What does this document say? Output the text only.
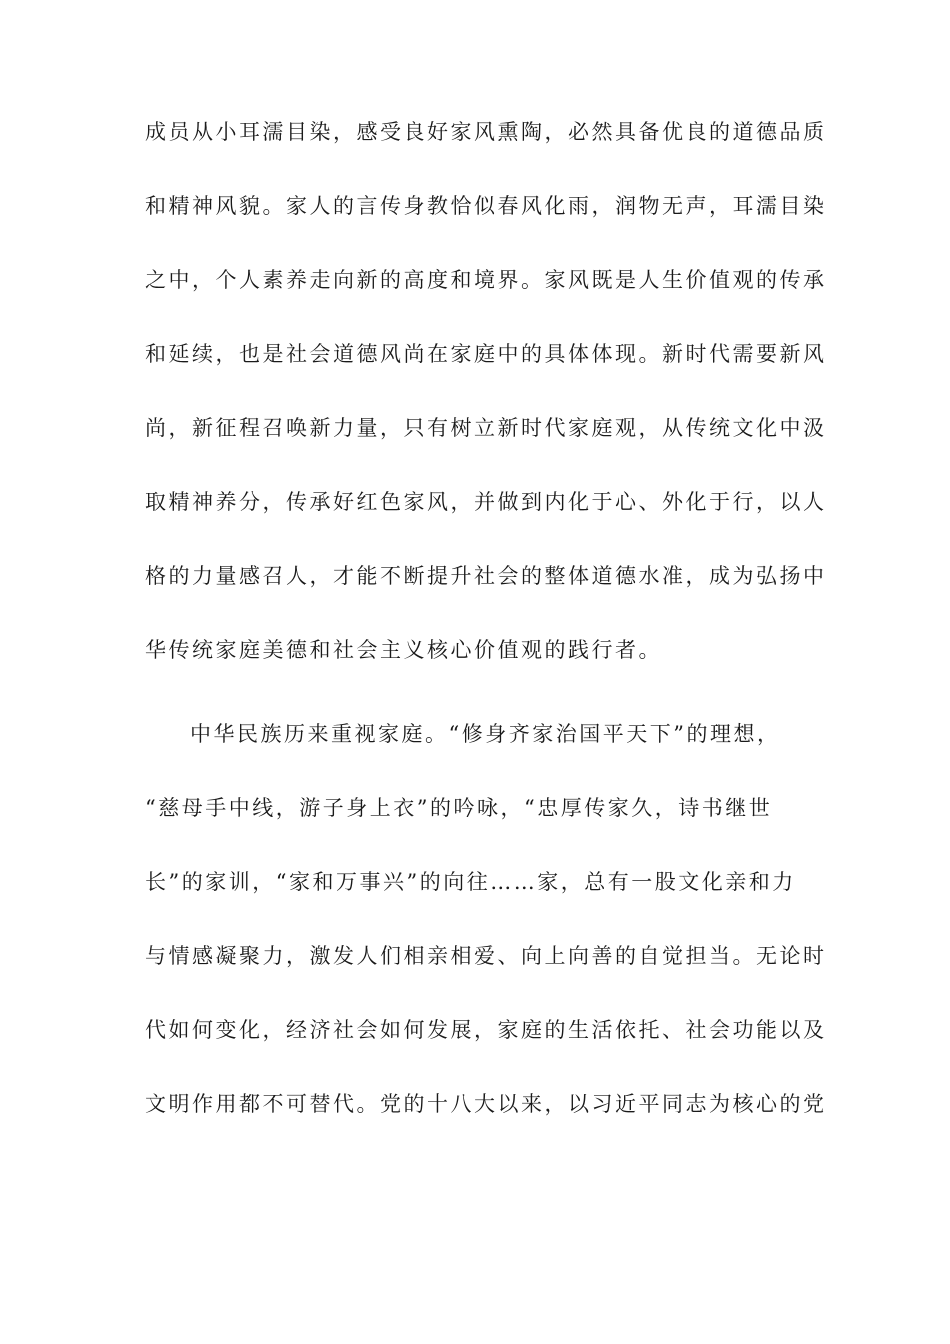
成员从小耳濡目染，感受良好家风熏陶，必然具备优良的道德品质
和精神风貌。家人的言传身教恰似春风化雨，润物无声，耳濡目染
之中，个人素养走向新的高度和境界。家风既是人生价值观的传承
和延续，也是社会道德风尚在家庭中的具体体现。新时代需要新风
尚，新征程召唤新力量，只有树立新时代家庭观，从传统文化中汲
取精神养分，传承好红色家风，并做到内化于心、外化于行，以人
格的力量感召人，才能不断提升社会的整体道德水准，成为弘扬中
华传统家庭美德和社会主义核心价值观的践行者。
中华民族历来重视家庭。“修身齐家治国平天下”的理想，
“慈母手中线，游子身上衣”的吟咏，“忠厚传家久，诗书继世
长”的家训，“家和万事兴”的向往……家，总有一股文化亲和力
与情感凝聚力，激发人们相亲相爱、向上向善的自觉担当。无论时
代如何变化，经济社会如何发展，家庭的生活依托、社会功能以及
文明作用都不可替代。党的十八大以来，以习近平同志为核心的党
